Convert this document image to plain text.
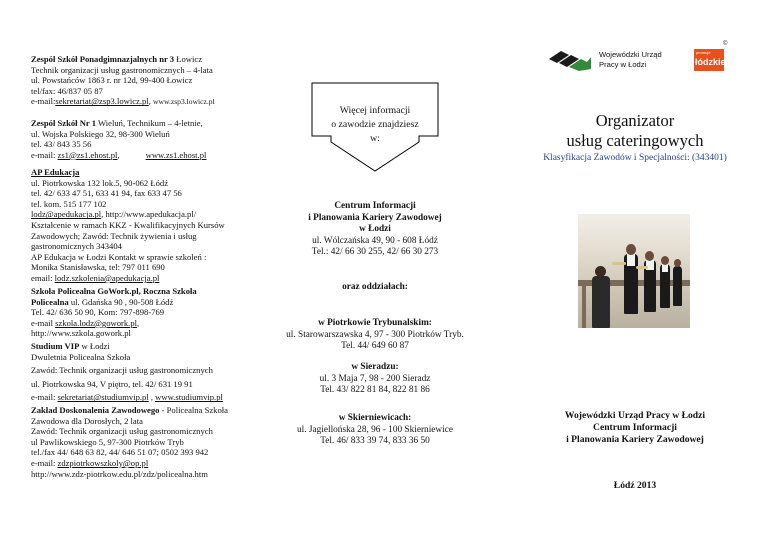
Zespół Szkół Ponadgimnazjalnych nr 3 Łowicz
Technik organizacji usług gastronomicznych – 4-lata
ul. Powstańców 1863 r. nr 12d, 99-400 Łowicz
tel/fax: 46/837 05 87
e-mail:sekretariat@zsp3.lowicz.pl, www.zsp3.lowicz.pl
Zespół Szkół Nr 1 Wieluń, Technikum – 4-letnie,
ul. Wojska Polskiego 32, 98-300 Wieluń
tel. 43/ 843 35 56
e-mail: zs1@zs1.ehost.pl,	www.zs1.ehost.pl
AP Edukacja
ul. Piotrkowska 132 lok.5, 90-062 Łódź
tel. 42/ 633 47 51, 633 41 94, fax 633 47 56
tel. kom. 515 177 102
lodz@apedukacja.pl, http://www.apedukacja.pl/
Kształcenie w ramach KKZ - Kwalifikacyjnych Kursów
Zawodowych; Zawód: Technik żywienia i usług
gastronomicznych 343404
AP Edukacja w Łodzi Kontakt w sprawie szkoleń :
Monika Stanisławska, tel: 797 011 690
email: lodz.szkolenia@apedukacja.pl
Szkoła Policealna GoWork.pl, Roczna Szkoła
Policealna ul. Gdańska 90 , 90-508 Łódź
Tel. 42/ 636 50 90, Kom: 797-898-769
e-mail szkola.lodz@gowork.pl,
http://www.szkola.gowork.pl
Studium VIP w Łodzi
Dwuletnia Policealna Szkoła
Zawód: Technik organizacji usług gastronomicznych
ul. Piotrkowska 94, V piętro, tel. 42/ 631 19 91
e-mail: sekretariat@studiumvip.pl , www.studiumvip.pl
Zakład Doskonalenia Zawodowego - Policealna Szkoła
Zawodowa dla Dorosłych, 2 lata
Zawód: Technik organizacji usług gastronomicznych
ul Pawlikowskiego 5, 97-300 Piotrków Tryb
tel./fax 44/ 648 63 82, 44/ 646 51 07; 0502 393 942
e-mail: zdzpiotrkowszkoly@op.pl
http://www.zdz-piotrkow.edu.pl/zdz/policealna.htm
Więcej informacji
o zawodzie znajdziesz
w:
Centrum Informacji
i Planowania Kariery Zawodowej
w Łodzi
ul. Wólczańska 49, 90 - 608 Łódź
Tel.: 42/ 66 30 255, 42/ 66 30 273
oraz oddziałach:
w Piotrkowie Trybunalskim:
ul. Starowarszawska 4, 97 - 300 Piotrków Tryb.
Tel. 44/ 649 60 87
w Sieradzu:
ul. 3 Maja 7, 98 - 200 Sieradz
Tel. 43/ 822 81 84, 822 81 86
w Skierniewicach:
ul. Jagiellońska 28, 96 - 100 Skierniewice
Tel. 46/ 833 39 74, 833 36 50
Wojewódzki Urząd
Pracy w Łodzi
©
promuje
łódzkie
Organizator
usług cateringowych
Klasyfikacja Zawodów i Specjalności: (343401)
Wojewódzki Urząd Pracy w Łodzi
Centrum Informacji
i Planowania Kariery Zawodowej
Łódź 2013
